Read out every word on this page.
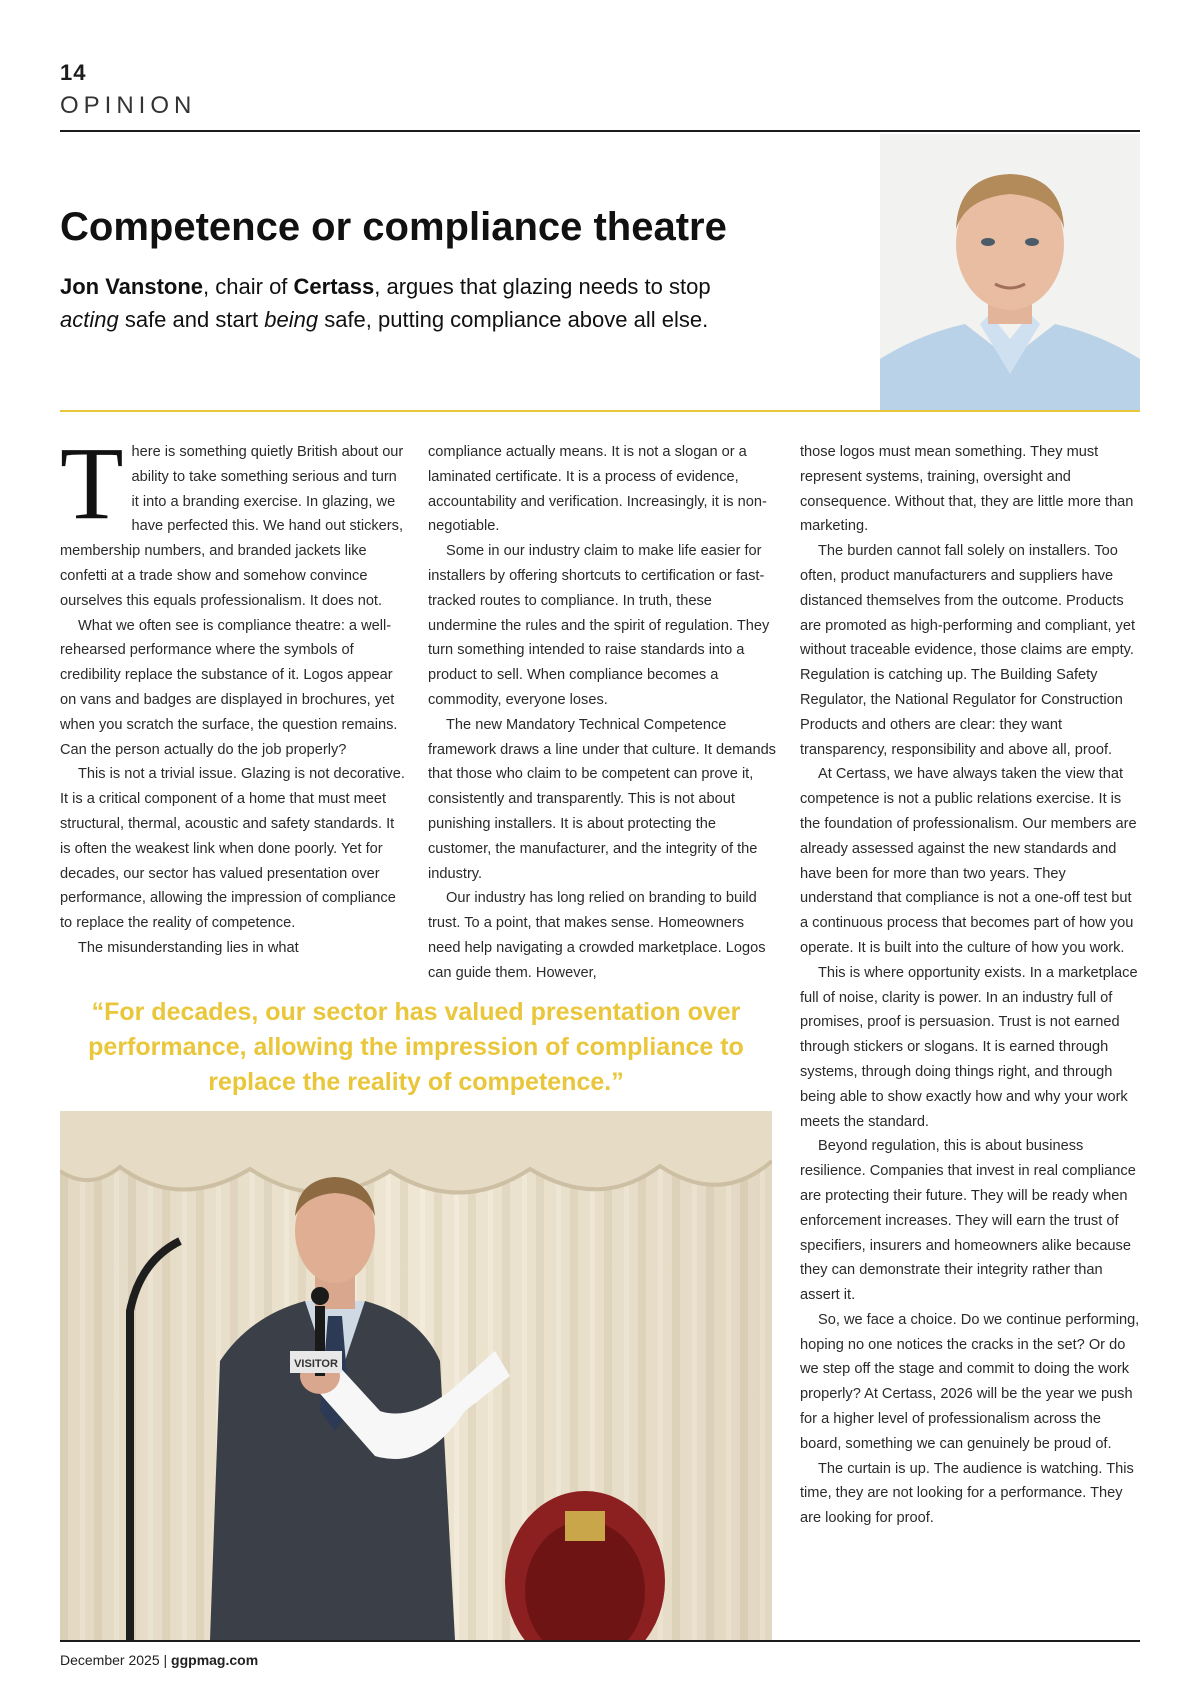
14
OPINION
Competence or compliance theatre

Jon Vanstone, chair of Certass, argues that glazing needs to stop acting safe and start being safe, putting compliance above all else.

There is something quietly British about our ability to take something serious and turn it into a branding exercise. In glazing, we have perfected this. We hand out stickers, membership numbers, and branded jackets like confetti at a trade show and somehow convince ourselves this equals professionalism. It does not.

What we often see is compliance theatre: a well-rehearsed performance where the symbols of credibility replace the substance of it. Logos appear on vans and badges are displayed in brochures, yet when you scratch the surface, the question remains. Can the person actually do the job properly?

This is not a trivial issue. Glazing is not decorative. It is a critical component of a home that must meet structural, thermal, acoustic and safety standards. It is often the weakest link when done poorly. Yet for decades, our sector has valued presentation over performance, allowing the impression of compliance to replace the reality of competence.

The misunderstanding lies in what

compliance actually means. It is not a slogan or a laminated certificate. It is a process of evidence, accountability and verification. Increasingly, it is non-negotiable.

Some in our industry claim to make life easier for installers by offering shortcuts to certification or fast-tracked routes to compliance. In truth, these undermine the rules and the spirit of regulation. They turn something intended to raise standards into a product to sell. When compliance becomes a commodity, everyone loses.

The new Mandatory Technical Competence framework draws a line under that culture. It demands that those who claim to be competent can prove it, consistently and transparently. This is not about punishing installers. It is about protecting the customer, the manufacturer, and the integrity of the industry.

Our industry has long relied on branding to build trust. To a point, that makes sense. Homeowners need help navigating a crowded marketplace. Logos can guide them. However,

those logos must mean something. They must represent systems, training, oversight and consequence. Without that, they are little more than marketing.

The burden cannot fall solely on installers. Too often, product manufacturers and suppliers have distanced themselves from the outcome. Products are promoted as high-performing and compliant, yet without traceable evidence, those claims are empty. Regulation is catching up. The Building Safety Regulator, the National Regulator for Construction Products and others are clear: they want transparency, responsibility and above all, proof.

At Certass, we have always taken the view that competence is not a public relations exercise. It is the foundation of professionalism. Our members are already assessed against the new standards and have been for more than two years. They understand that compliance is not a one-off test but a continuous process that becomes part of how you operate. It is built into the culture of how you work.

This is where opportunity exists. In a marketplace full of noise, clarity is power. In an industry full of promises, proof is persuasion. Trust is not earned through stickers or slogans. It is earned through systems, through doing things right, and through being able to show exactly how and why your work meets the standard.

Beyond regulation, this is about business resilience. Companies that invest in real compliance are protecting their future. They will be ready when enforcement increases. They will earn the trust of specifiers, insurers and homeowners alike because they can demonstrate their integrity rather than assert it.

So, we face a choice. Do we continue performing, hoping no one notices the cracks in the set? Or do we step off the stage and commit to doing the work properly? At Certass, 2026 will be the year we push for a higher level of professionalism across the board, something we can genuinely be proud of.

The curtain is up. The audience is watching. This time, they are not looking for a performance. They are looking for proof.

“For decades, our sector has valued presentation over performance, allowing the impression of compliance to replace the reality of competence.”

VISITOR
December 2025 | ggpmag.com
